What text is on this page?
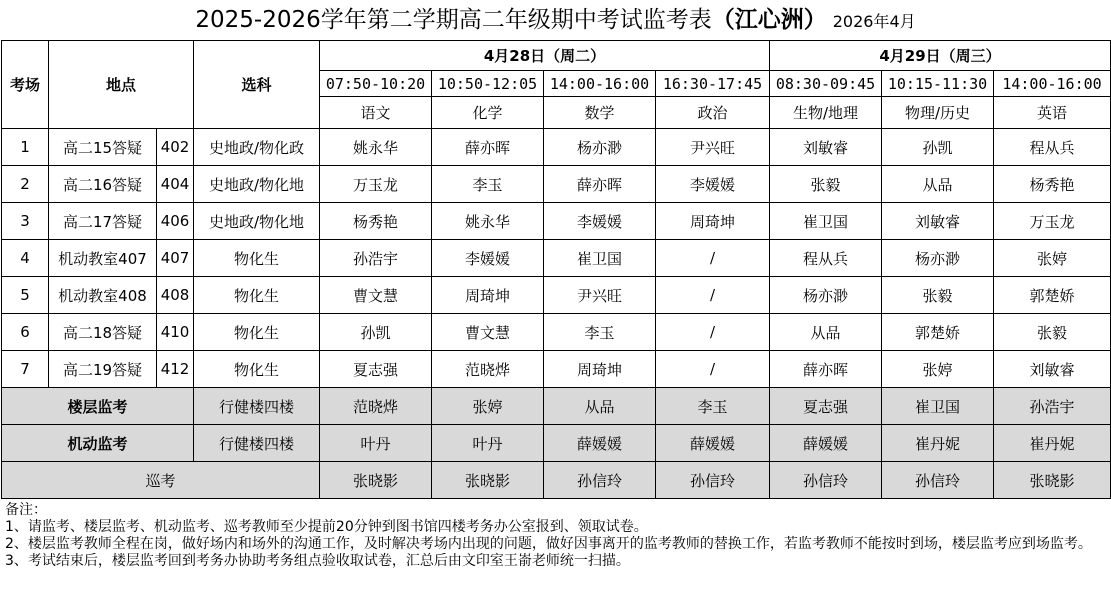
2025-2026学年第二学期高二年级期中考试监考表（江心洲） 2026年4月
考场	地点		选科	4月28日（周二）				4月29日（周三）		
				07:50-10:20	10:50-12:05	14:00-16:00	16:30-17:45	08:30-09:45	10:15-11:30	14:00-16:00
				语文	化学	数学	政治	生物/地理	物理/历史	英语
1	高二15答疑	402	史地政/物化政	姚永华	薛亦晖	杨亦渺	尹兴旺	刘敏睿	孙凯	程从兵
2	高二16答疑	404	史地政/物化地	万玉龙	李玉	薛亦晖	李媛媛	张毅	从品	杨秀艳
3	高二17答疑	406	史地政/物化地	杨秀艳	姚永华	李媛媛	周琦坤	崔卫国	刘敏睿	万玉龙
4	机动教室407	407	物化生	孙浩宇	李媛媛	崔卫国	/	程从兵	杨亦渺	张婷
5	机动教室408	408	物化生	曹文慧	周琦坤	尹兴旺	/	杨亦渺	张毅	郭楚娇
6	高二18答疑	410	物化生	孙凯	曹文慧	李玉	/	从品	郭楚娇	张毅
7	高二19答疑	412	物化生	夏志强	范晓烨	周琦坤	/	薛亦晖	张婷	刘敏睿
楼层监考			行健楼四楼	范晓烨	张婷	从品	李玉	夏志强	崔卫国	孙浩宇
机动监考			行健楼四楼	叶丹	叶丹	薛媛媛	薛媛媛	薛媛媛	崔丹妮	崔丹妮
巡考				张晓影	张晓影	孙信玲	孙信玲	孙信玲	孙信玲	张晓影

备注：

1、请监考、楼层监考、机动监考、巡考教师至少提前20分钟到图书馆四楼考务办公室报到、领取试卷。

2、楼层监考教师全程在岗，做好场内和场外的沟通工作，及时解决考场内出现的问题，做好因事离开的监考教师的替换工作，若监考教师不能按时到场，楼层监考应到场监考。

3、考试结束后，楼层监考回到考务办协助考务组点验收取试卷，汇总后由文印室王嵛老师统一扫描。
